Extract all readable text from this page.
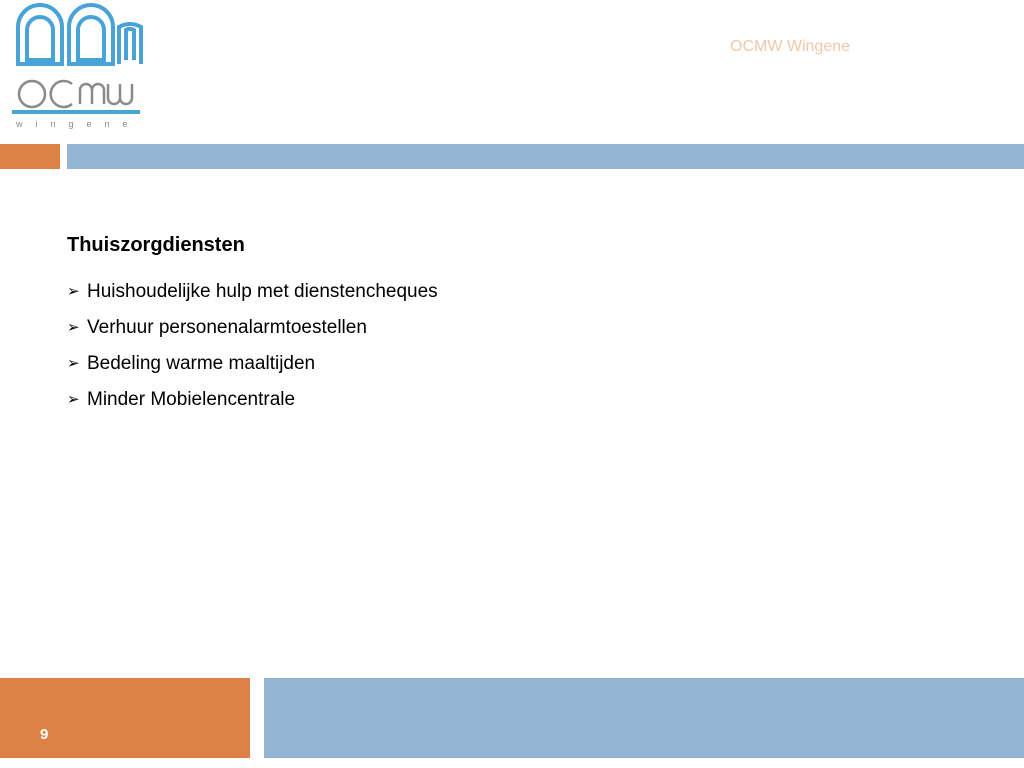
wingene
OCMW Wingene
Thuiszorgdiensten
➢ Huishoudelijke hulp met dienstencheques
➢ Verhuur personenalarmtoestellen
➢ Bedeling warme maaltijden
➢ Minder Mobielencentrale
9
